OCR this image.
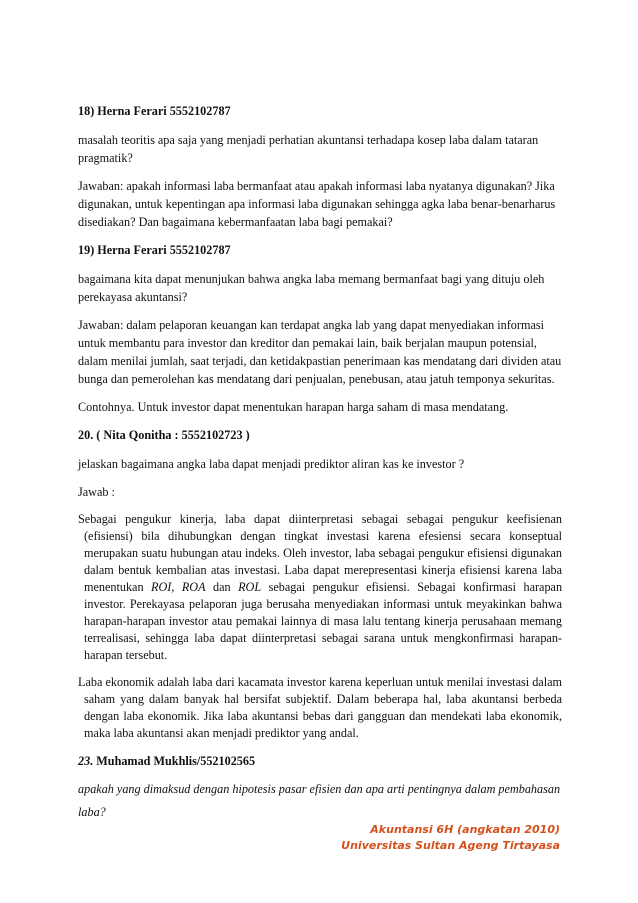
18) Herna Ferari 5552102787

masalah teoritis apa saja yang menjadi perhatian akuntansi terhadapa kosep laba dalam tataran pragmatik?

Jawaban: apakah informasi laba bermanfaat atau apakah informasi laba nyatanya digunakan? Jika digunakan, untuk kepentingan apa informasi laba digunakan sehingga agka laba benar-benarharus disediakan? Dan bagaimana kebermanfaatan laba bagi pemakai?

19) Herna Ferari 5552102787

bagaimana kita dapat menunjukan bahwa angka laba memang bermanfaat bagi yang dituju oleh perekayasa akuntansi?

Jawaban: dalam pelaporan keuangan kan terdapat angka lab yang dapat menyediakan informasi untuk membantu para investor dan kreditor dan pemakai lain, baik berjalan maupun potensial, dalam menilai jumlah, saat terjadi, dan ketidakpastian penerimaan kas mendatang dari dividen atau bunga dan pemerolehan kas mendatang dari penjualan, penebusan, atau jatuh temponya sekuritas.

Contohnya. Untuk investor dapat menentukan harapan harga saham di masa mendatang.

20. ( Nita Qonitha : 5552102723 )

jelaskan bagaimana angka laba dapat menjadi prediktor aliran kas ke investor ?

Jawab :

Sebagai pengukur kinerja, laba dapat diinterpretasi sebagai sebagai pengukur keefisienan (efisiensi) bila dihubungkan dengan tingkat investasi karena efesiensi secara konseptual merupakan suatu hubungan atau indeks. Oleh investor, laba sebagai pengukur efisiensi digunakan dalam bentuk kembalian atas investasi. Laba dapat merepresentasi kinerja efisiensi karena laba menentukan ROI, ROA dan ROL sebagai pengukur efisiensi. Sebagai konfirmasi harapan investor. Perekayasa pelaporan juga berusaha menyediakan informasi untuk meyakinkan bahwa harapan-harapan investor atau pemakai lainnya di masa lalu tentang kinerja perusahaan memang terrealisasi, sehingga laba dapat diinterpretasi sebagai sarana untuk mengkonfirmasi harapan-harapan tersebut.

Laba ekonomik adalah laba dari kacamata investor karena keperluan untuk menilai investasi dalam saham yang dalam banyak hal bersifat subjektif. Dalam beberapa hal, laba akuntansi berbeda dengan laba ekonomik. Jika laba akuntansi bebas dari gangguan dan mendekati laba ekonomik, maka laba akuntansi akan menjadi prediktor yang andal.

23. Muhamad Mukhlis/552102565

apakah yang dimaksud dengan hipotesis pasar efisien dan apa arti pentingnya dalam pembahasan laba?

Akuntansi 6H (angkatan 2010)
Universitas Sultan Ageng Tirtayasa
